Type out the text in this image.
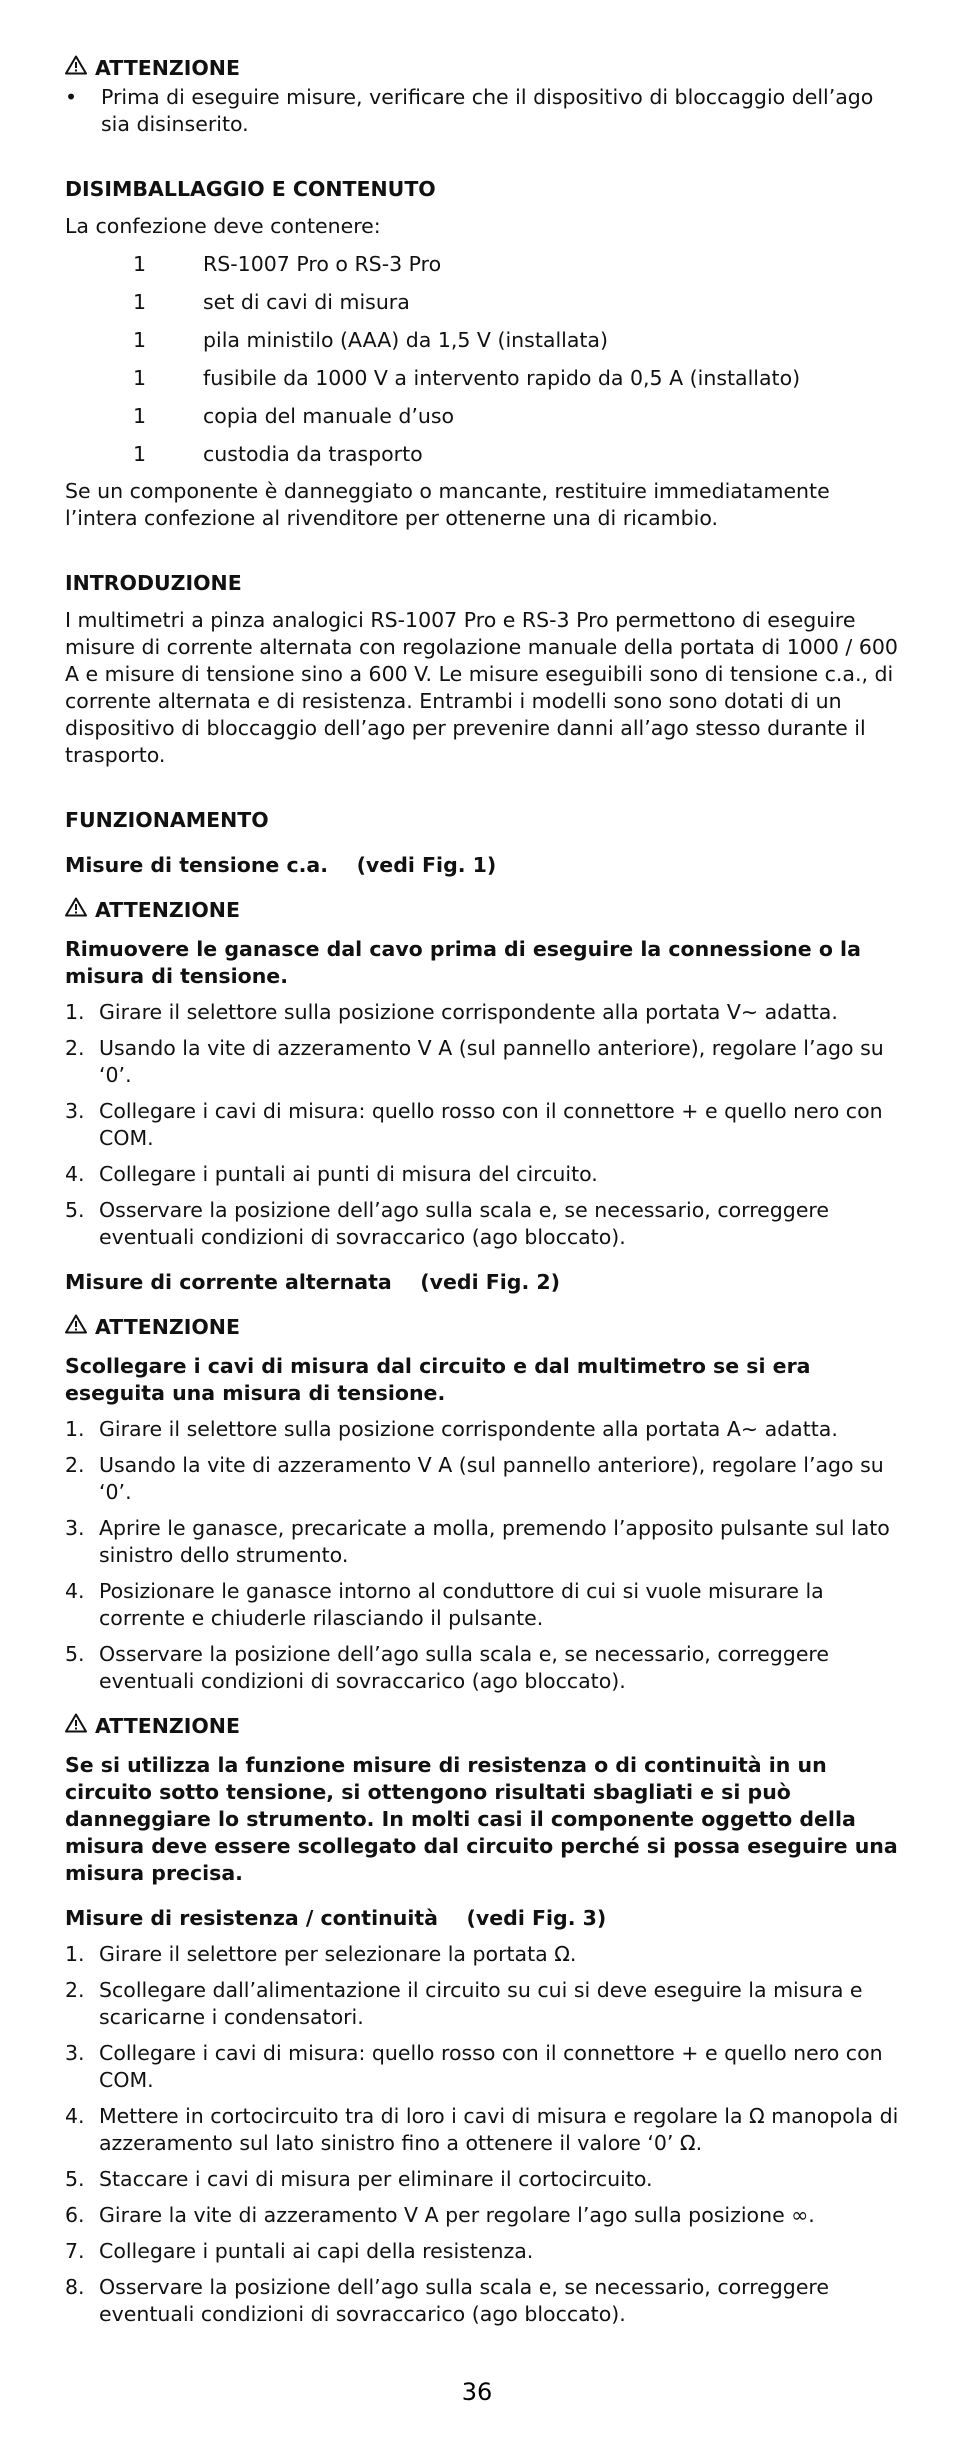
ATTENZIONE
•	Prima di eseguire misure, verificare che il dispositivo di bloccaggio dell’ago sia disinserito.

DISIMBALLAGGIO E CONTENUTO

La confezione deve contenere:

1	RS-1007 Pro o RS-3 Pro
1	set di cavi di misura
1	pila ministilo (AAA) da 1,5 V (installata)
1	fusibile da 1000 V a intervento rapido da 0,5 A (installato)
1	copia del manuale d’uso
1	custodia da trasporto

Se un componente è danneggiato o mancante, restituire immediatamente l’intera confezione al rivenditore per ottenerne una di ricambio.

INTRODUZIONE

I multimetri a pinza analogici RS-1007 Pro e RS-3 Pro permettono di eseguire misure di corrente alternata con regolazione manuale della portata di 1000 / 600 A e misure di tensione sino a 600 V. Le misure eseguibili sono di tensione c.a., di corrente alternata e di resistenza. Entrambi i modelli sono sono dotati di un dispositivo di bloccaggio dell’ago per prevenire danni all’ago stesso durante il trasporto.

FUNZIONAMENTO

Misure di tensione c.a.    (vedi Fig. 1)

ATTENZIONE

Rimuovere le ganasce dal cavo prima di eseguire la connessione o la misura di tensione.

1. Girare il selettore sulla posizione corrispondente alla portata V∼ adatta.
2. Usando la vite di azzeramento V A (sul pannello anteriore), regolare l’ago su ‘0’.
3. Collegare i cavi di misura: quello rosso con il connettore + e quello nero con COM.
4. Collegare i puntali ai punti di misura del circuito.
5. Osservare la posizione dell’ago sulla scala e, se necessario, correggere eventuali condizioni di sovraccarico (ago bloccato).

Misure di corrente alternata    (vedi Fig. 2)

ATTENZIONE

Scollegare i cavi di misura dal circuito e dal multimetro se si era eseguita una misura di tensione.

1. Girare il selettore sulla posizione corrispondente alla portata A∼ adatta.
2. Usando la vite di azzeramento V A (sul pannello anteriore), regolare l’ago su ‘0’.
3. Aprire le ganasce, precaricate a molla, premendo l’apposito pulsante sul lato sinistro dello strumento.
4. Posizionare le ganasce intorno al conduttore di cui si vuole misurare la corrente e chiuderle rilasciando il pulsante.
5. Osservare la posizione dell’ago sulla scala e, se necessario, correggere eventuali condizioni di sovraccarico (ago bloccato).
ATTENZIONE

Se si utilizza la funzione misure di resistenza o di continuità in un circuito sotto tensione, si ottengono risultati sbagliati e si può danneggiare lo strumento. In molti casi il componente oggetto della misura deve essere scollegato dal circuito perché si possa eseguire una misura precisa.

Misure di resistenza / continuità    (vedi Fig. 3)

1. Girare il selettore per selezionare la portata Ω.
2. Scollegare dall’alimentazione il circuito su cui si deve eseguire la misura e scaricarne i condensatori.
3. Collegare i cavi di misura: quello rosso con il connettore + e quello nero con COM.
4. Mettere in cortocircuito tra di loro i cavi di misura e regolare la Ω manopola di azzeramento sul lato sinistro fino a ottenere il valore ‘0’ Ω.
5. Staccare i cavi di misura per eliminare il cortocircuito.
6. Girare la vite di azzeramento V A per regolare l’ago sulla posizione ∞.
7. Collegare i puntali ai capi della resistenza.
8. Osservare la posizione dell’ago sulla scala e, se necessario, correggere eventuali condizioni di sovraccarico (ago bloccato).
36
